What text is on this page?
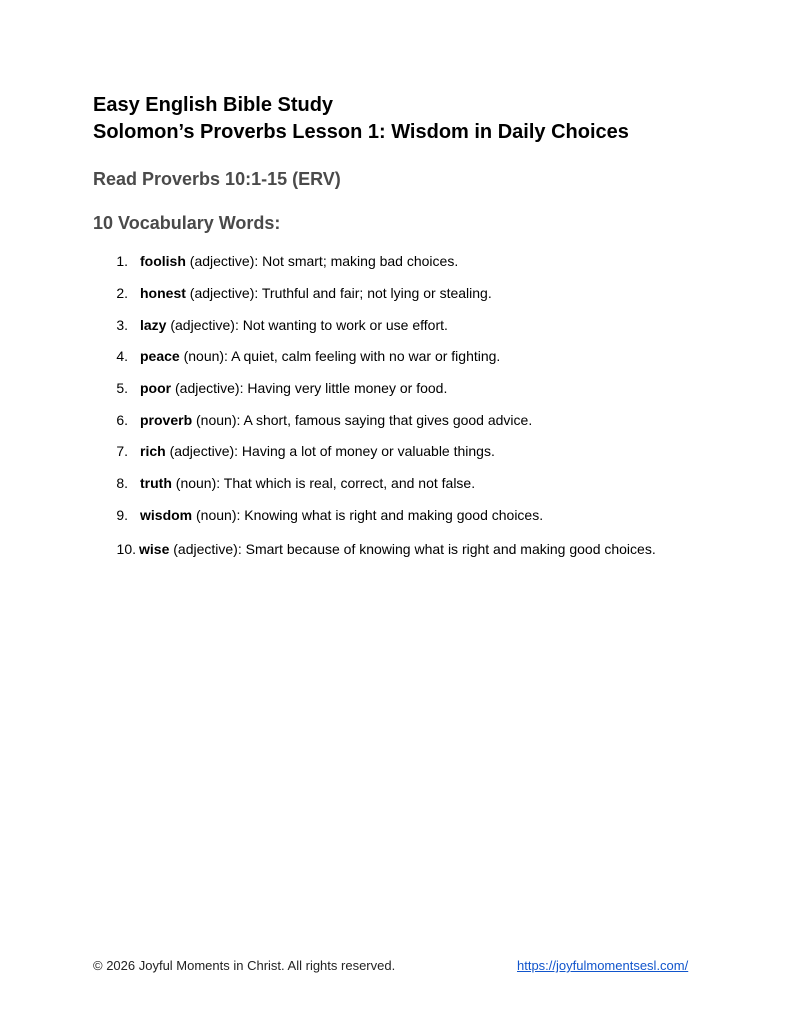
Easy English Bible Study
Solomon’s Proverbs Lesson 1: Wisdom in Daily Choices
Read Proverbs 10:1-15 (ERV)
10 Vocabulary Words:
1. foolish (adjective): Not smart; making bad choices.
2. honest (adjective): Truthful and fair; not lying or stealing.
3. lazy (adjective): Not wanting to work or use effort.
4. peace (noun): A quiet, calm feeling with no war or fighting.
5. poor (adjective): Having very little money or food.
6. proverb (noun): A short, famous saying that gives good advice.
7. rich (adjective): Having a lot of money or valuable things.
8. truth (noun): That which is real, correct, and not false.
9. wisdom (noun): Knowing what is right and making good choices.
10. wise (adjective): Smart because of knowing what is right and making good choices.
© 2026 Joyful Moments in Christ. All rights reserved.	https://joyfulmomentsesl.com/
